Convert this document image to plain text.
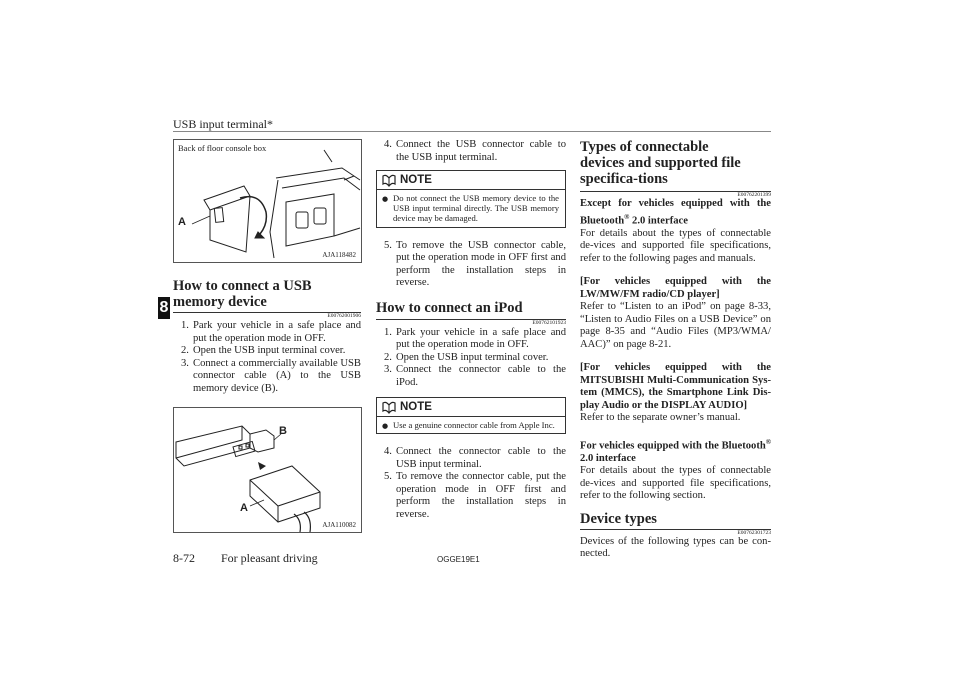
USB input terminal*
8
Back of floor console box
A
AJA118482
How to connect a USB memory device
E00762001906
1. Park your vehicle in a safe place and put the operation mode in OFF.
2. Open the USB input terminal cover.
3. Connect a commercially available USB connector cable (A) to the USB memory device (B).
B
A
AJA110082
4. Connect the USB connector cable to the USB input terminal.
NOTE
● Do not connect the USB memory device to the USB input terminal directly. The USB memory device may be damaged.
5. To remove the USB connector cable, put the operation mode in OFF first and perform the installation steps in reverse.
How to connect an iPod
E00762101923
1. Park your vehicle in a safe place and put the operation mode in OFF.
2. Open the USB input terminal cover.
3. Connect the connector cable to the iPod.
NOTE
● Use a genuine connector cable from Apple Inc.
4. Connect the connector cable to the USB input terminal.
5. To remove the connector cable, put the operation mode in OFF first and perform the installation steps in reverse.
Types of connectable devices and supported file specifica-tions
E00762201399
Except for vehicles equipped with the Bluetooth® 2.0 interface
For details about the types of connectable de-vices and supported file specifications, refer to the following pages and manuals.
[For vehicles equipped with the LW/MW/FM radio/CD player]
Refer to “Listen to an iPod” on page 8-33, “Listen to Audio Files on a USB Device” on page 8-35 and “Audio Files (MP3/WMA/ AAC)” on page 8-21.
[For vehicles equipped with the MITSUBISHI Multi-Communication Sys-tem (MMCS), the Smartphone Link Dis-play Audio or the DISPLAY AUDIO]
Refer to the separate owner’s manual.
For vehicles equipped with the Bluetooth® 2.0 interface
For details about the types of connectable de-vices and supported file specifications, refer to the following section.
Device types
E00762301723
Devices of the following types can be con-nected.
8-72 For pleasant driving	OGGE19E1
